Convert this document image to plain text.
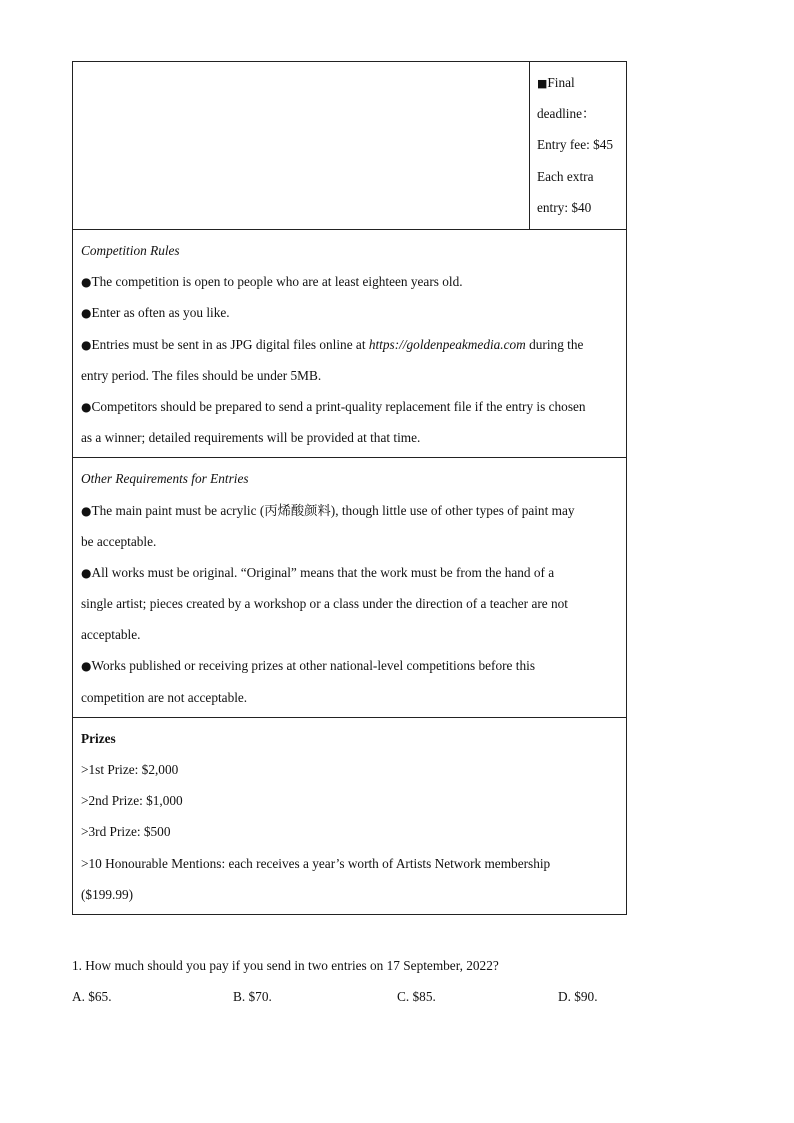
■Final
deadline：
Entry fee: $45
Each extra
entry: $40
Competition Rules
●The competition is open to people who are at least eighteen years old.
●Enter as often as you like.
●Entries must be sent in as JPG digital files online at https://goldenpeakmedia.com during the
entry period. The files should be under 5MB.
●Competitors should be prepared to send a print-quality replacement file if the entry is chosen
as a winner; detailed requirements will be provided at that time.
Other Requirements for Entries
●The main paint must be acrylic (丙烯酸颜料), though little use of other types of paint may
be acceptable.
●All works must be original. “Original” means that the work must be from the hand of a
single artist; pieces created by a workshop or a class under the direction of a teacher are not
acceptable.
●Works published or receiving prizes at other national-level competitions before this
competition are not acceptable.
Prizes
>1st Prize: $2,000
>2nd Prize: $1,000
>3rd Prize: $500
>10 Honourable Mentions: each receives a year’s worth of Artists Network membership
($199.99)
1. How much should you pay if you send in two entries on 17 September, 2022?
A. $65.	B. $70.	C. $85.	D. $90.
